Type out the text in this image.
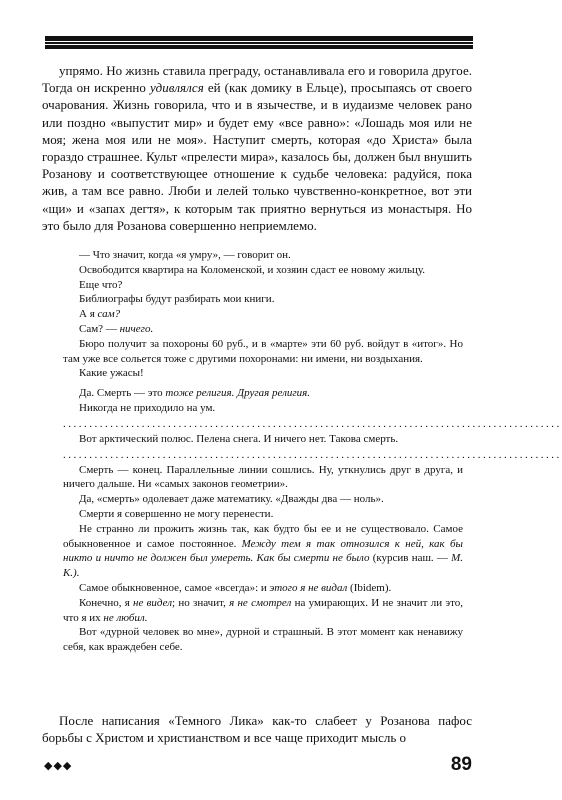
упрямо. Но жизнь ставила преграду, останавливала его и говорила другое. Тогда он искренно удивлялся ей (как домику в Ельце), просыпаясь от своего очарования. Жизнь говорила, что и в язычестве, и в иудаизме человек рано или поздно «выпустит мир» и будет ему «все равно»: «Лошадь моя или не моя; жена моя или не моя». Наступит смерть, которая «до Христа» была гораздо страшнее. Культ «прелести мира», казалось бы, должен был внушить Розанову и соответствующее отношение к судьбе человека: радуйся, пока жив, а там все равно. Люби и лелей только чувственно-конкретное, вот эти «щи» и «запах дегтя», к которым так приятно вернуться из монастыря. Но это было для Розанова совершенно неприемлемо.

— Что значит, когда «я умру», — говорит он.

Освободится квартира на Коломенской, и хозяин сдаст ее новому жильцу.

Еще что?

Библиографы будут разбирать мои книги.

А я сам?

Сам? — ничего.

Бюро получит за похороны 60 руб., и в «марте» эти 60 руб. войдут в «итог». Но там уже все сольется тоже с другими похоронами: ни имени, ни воздыхания.

Какие ужасы!

Да. Смерть — это тоже религия. Другая религия.

Никогда не приходило на ум.

...............................................................................................

Вот арктический полюс. Пелена снега. И ничего нет. Такова смерть.

...............................................................................................

Смерть — конец. Параллельные линии сошлись. Ну, уткнулись друг в друга, и ничего дальше. Ни «самых законов геометрии».

Да, «смерть» одолевает даже математику. «Дважды два — ноль».

Смерти я совершенно не могу перенести.

Не странно ли прожить жизнь так, как будто бы ее и не существовало. Самое обыкновенное и самое постоянное. Между тем я так отнозился к ней, как бы никто и ничто не должен был умереть. Как бы смерти не было (курсив наш. — М. К.).

Самое обыкновенное, самое «всегда»: и этого я не видал (Ibidem).

Конечно, я не видел; но значит, я не смотрел на умирающих. И не значит ли это, что я их не любил.

Вот «дурной человек во мне», дурной и страшный. В этот момент как ненавижу себя, как враждебен себе.

После написания «Темного Лика» как-то слабеет у Розанова пафос борьбы с Христом и христианством и все чаще приходит мысль о

◆◆◆	89
